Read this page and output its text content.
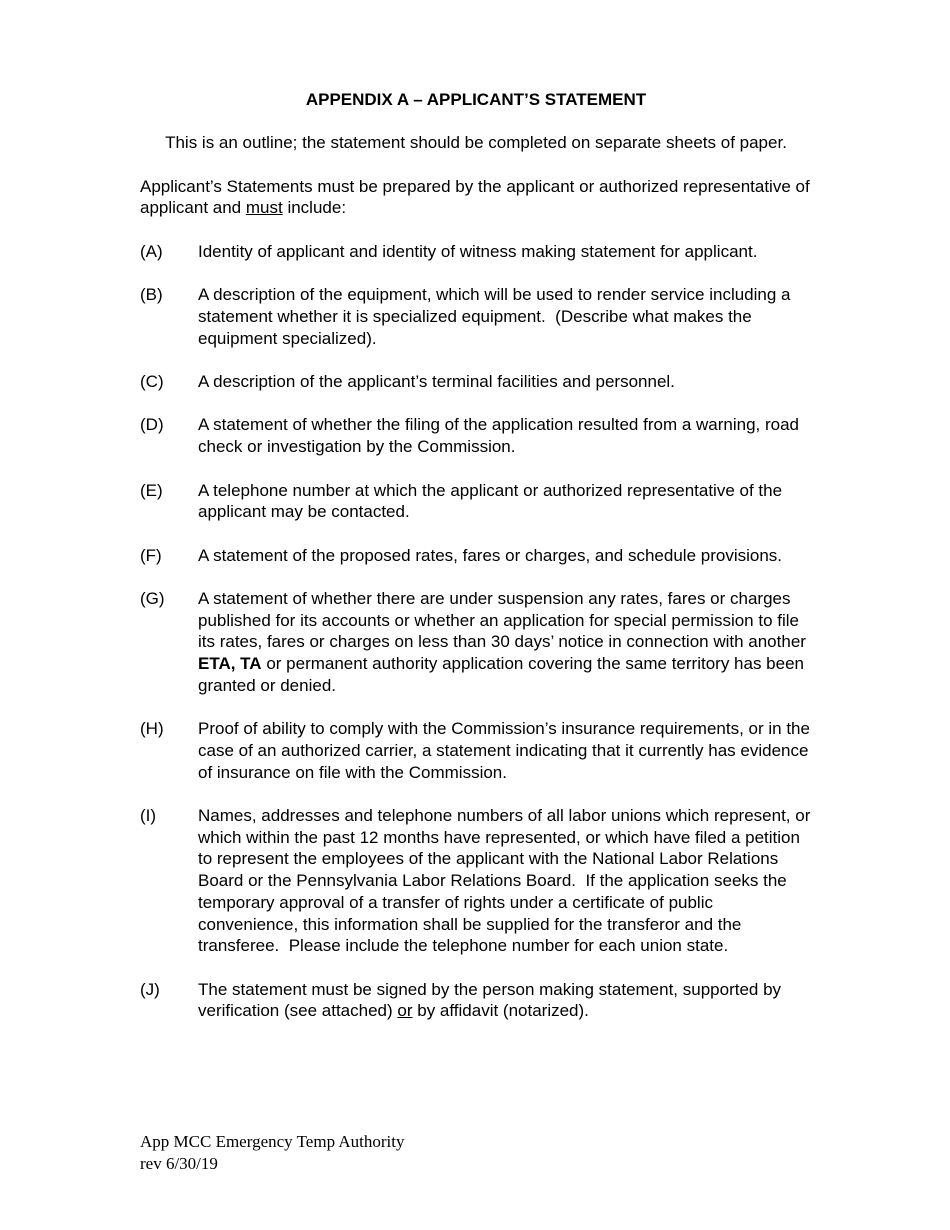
APPENDIX A – APPLICANT’S STATEMENT

This is an outline; the statement should be completed on separate sheets of paper.

Applicant’s Statements must be prepared by the applicant or authorized representative of applicant and must include:

(A)	Identity of applicant and identity of witness making statement for applicant.
(B)	A description of the equipment, which will be used to render service including a statement whether it is specialized equipment.  (Describe what makes the equipment specialized).
(C)	A description of the applicant’s terminal facilities and personnel.
(D)	A statement of whether the filing of the application resulted from a warning, road check or investigation by the Commission.
(E)	A telephone number at which the applicant or authorized representative of the applicant may be contacted.
(F)	A statement of the proposed rates, fares or charges, and schedule provisions.
(G)	A statement of whether there are under suspension any rates, fares or charges published for its accounts or whether an application for special permission to file its rates, fares or charges on less than 30 days’ notice in connection with another ETA, TA or permanent authority application covering the same territory has been granted or denied.
(H)	Proof of ability to comply with the Commission’s insurance requirements, or in the case of an authorized carrier, a statement indicating that it currently has evidence of insurance on file with the Commission.
(I)	Names, addresses and telephone numbers of all labor unions which represent, or which within the past 12 months have represented, or which have filed a petition to represent the employees of the applicant with the National Labor Relations Board or the Pennsylvania Labor Relations Board.  If the application seeks the temporary approval of a transfer of rights under a certificate of public convenience, this information shall be supplied for the transferor and the transferee.  Please include the telephone number for each union state.
(J)	The statement must be signed by the person making statement, supported by verification (see attached) or by affidavit (notarized).
App MCC Emergency Temp Authority
rev 6/30/19
